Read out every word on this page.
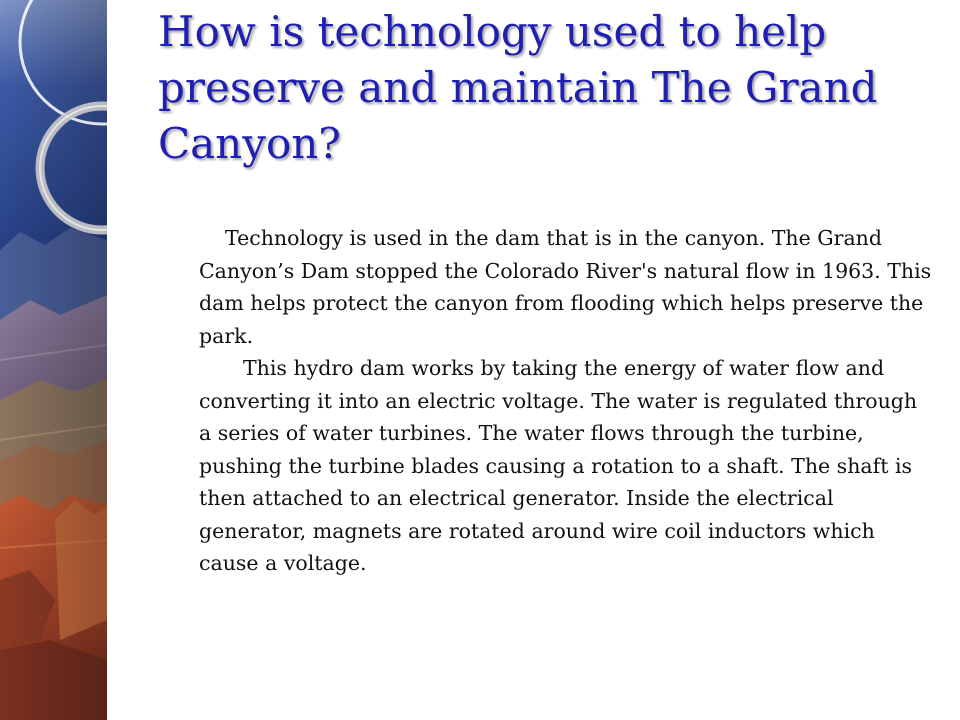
How is technology used to help preserve and maintain The Grand Canyon?

Technology is used in the dam that is in the canyon. The Grand Canyon’s Dam stopped the Colorado River's natural flow in 1963. This dam helps protect the canyon from flooding which helps preserve the park.

This hydro dam works by taking the energy of water flow and converting it into an electric voltage. The water is regulated through a series of water turbines. The water flows through the turbine, pushing the turbine blades causing a rotation to a shaft. The shaft is then attached to an electrical generator. Inside the electrical generator, magnets are rotated around wire coil inductors which cause a voltage.
